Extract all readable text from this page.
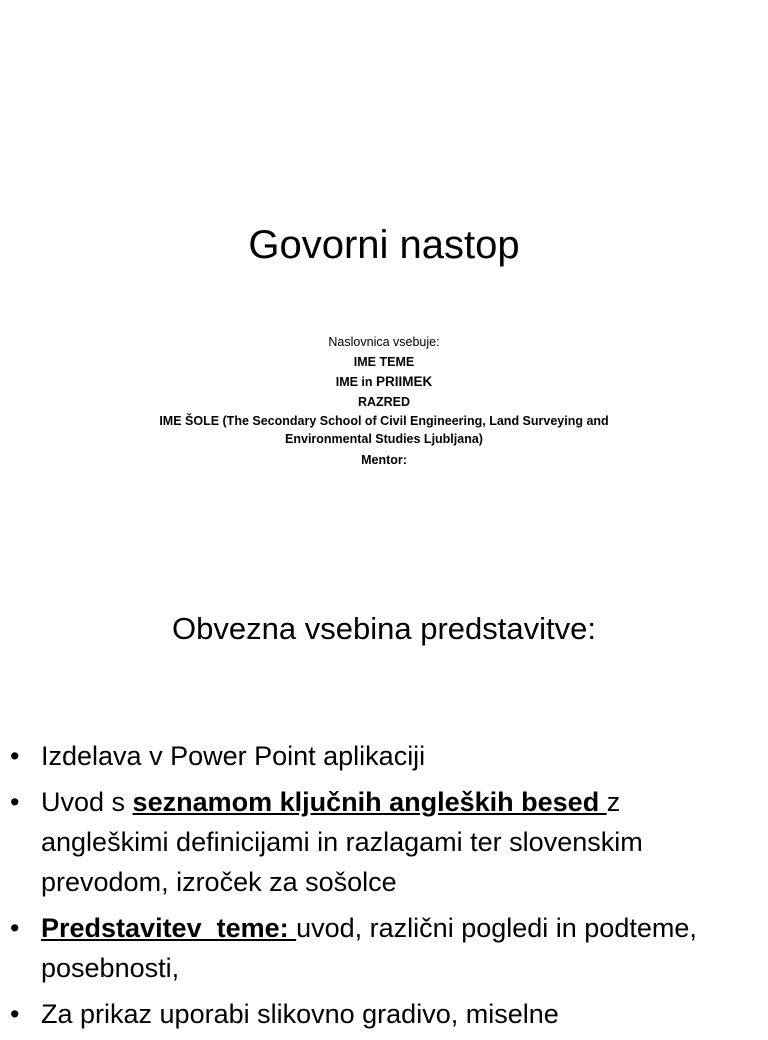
Govorni nastop
Naslovnica vsebuje:
IME TEME
IME in PRIIMEK
RAZRED
IME ŠOLE (The Secondary School of Civil Engineering, Land Surveying and Environmental Studies Ljubljana)
Mentor:
Obvezna vsebina predstavitve:
• Izdelava v Power Point aplikaciji
• Uvod s seznamom ključnih angleških besed z angleškimi definicijami in razlagami ter slovenskim prevodom, izroček za sošolce
• Predstavitev  teme: uvod, različni pogledi in podteme, posebnosti,
• Za prikaz uporabi slikovno gradivo, miselne
